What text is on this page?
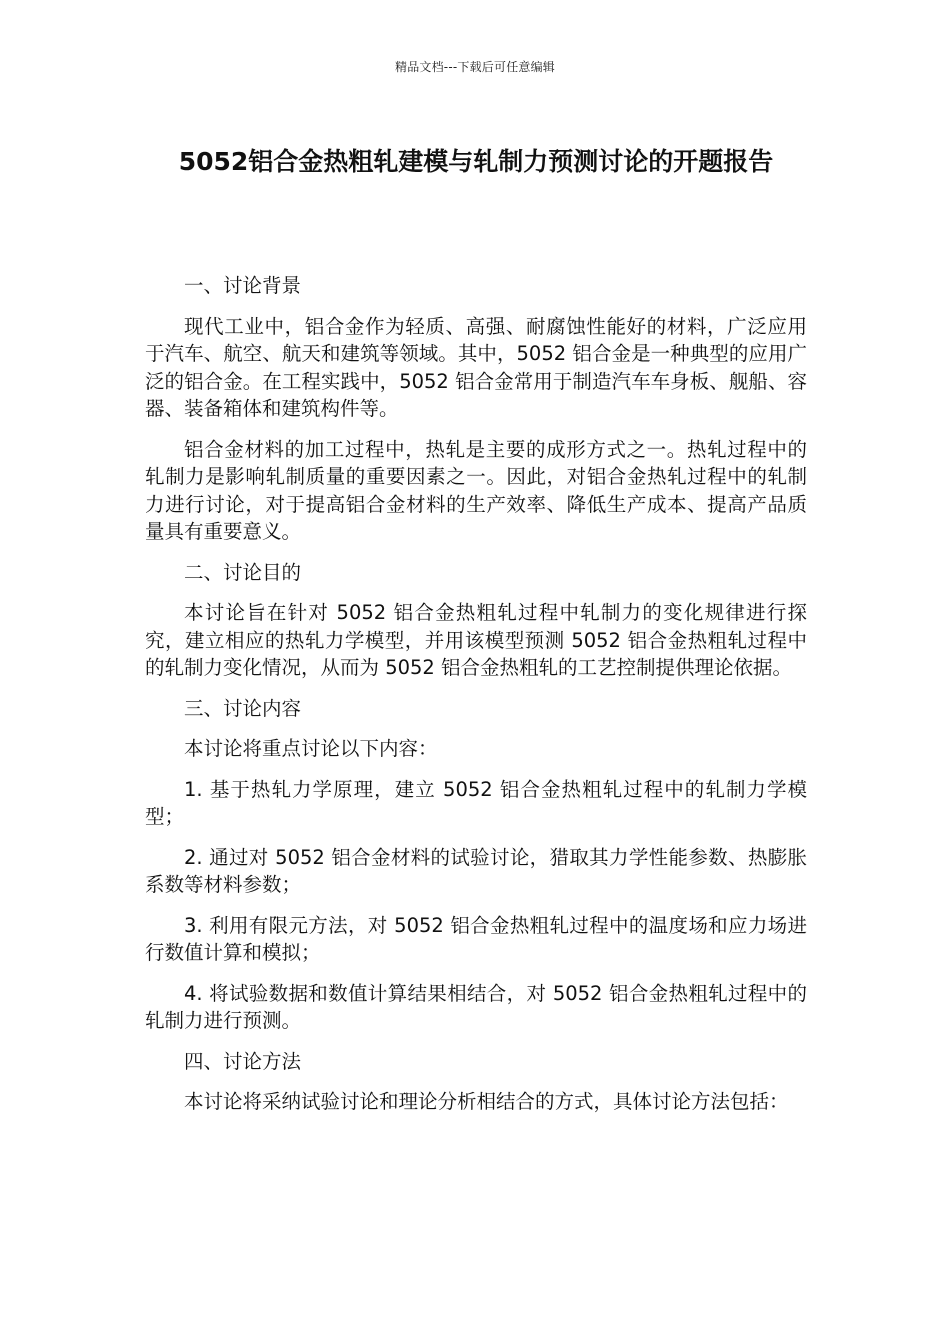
精品文档---下载后可任意编辑
5052铝合金热粗轧建模与轧制力预测讨论的开题报告

一、讨论背景

现代工业中，铝合金作为轻质、高强、耐腐蚀性能好的材料，广泛应用于汽车、航空、航天和建筑等领域。其中，5052 铝合金是一种典型的应用广泛的铝合金。在工程实践中，5052 铝合金常用于制造汽车车身板、舰船、容器、装备箱体和建筑构件等。

铝合金材料的加工过程中，热轧是主要的成形方式之一。热轧过程中的轧制力是影响轧制质量的重要因素之一。因此，对铝合金热轧过程中的轧制力进行讨论，对于提高铝合金材料的生产效率、降低生产成本、提高产品质量具有重要意义。

二、讨论目的

本讨论旨在针对 5052 铝合金热粗轧过程中轧制力的变化规律进行探究，建立相应的热轧力学模型，并用该模型预测 5052 铝合金热粗轧过程中的轧制力变化情况，从而为 5052 铝合金热粗轧的工艺控制提供理论依据。

三、讨论内容

本讨论将重点讨论以下内容：

1. 基于热轧力学原理，建立 5052 铝合金热粗轧过程中的轧制力学模型；

2. 通过对 5052 铝合金材料的试验讨论，猎取其力学性能参数、热膨胀系数等材料参数；

3. 利用有限元方法，对 5052 铝合金热粗轧过程中的温度场和应力场进行数值计算和模拟；

4. 将试验数据和数值计算结果相结合，对 5052 铝合金热粗轧过程中的轧制力进行预测。

四、讨论方法

本讨论将采纳试验讨论和理论分析相结合的方式，具体讨论方法包括：
